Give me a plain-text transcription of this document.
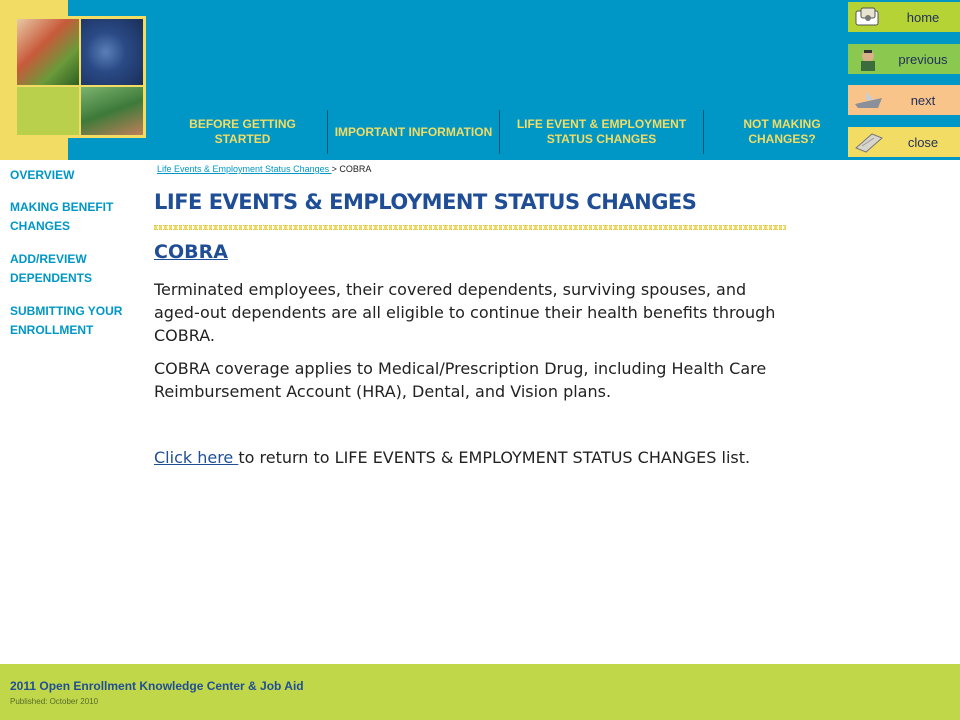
BEFORE GETTING STARTED
IMPORTANT INFORMATION
LIFE EVENT & EMPLOYMENT STATUS CHANGES
NOT MAKING CHANGES?
home
previous
next
close
OVERVIEW
MAKING BENEFIT CHANGES
ADD/REVIEW DEPENDENTS
SUBMITTING YOUR ENROLLMENT
Life Events & Employment Status Changes > COBRA
LIFE EVENTS & EMPLOYMENT STATUS CHANGES
COBRA
Terminated employees, their covered dependents, surviving spouses, and aged-out dependents are all eligible to continue their health benefits through COBRA.
COBRA coverage applies to Medical/Prescription Drug, including Health Care Reimbursement Account (HRA), Dental, and Vision plans.
Click here to return to LIFE EVENTS & EMPLOYMENT STATUS CHANGES list.
2011 Open Enrollment Knowledge Center & Job Aid
Published: October 2010
